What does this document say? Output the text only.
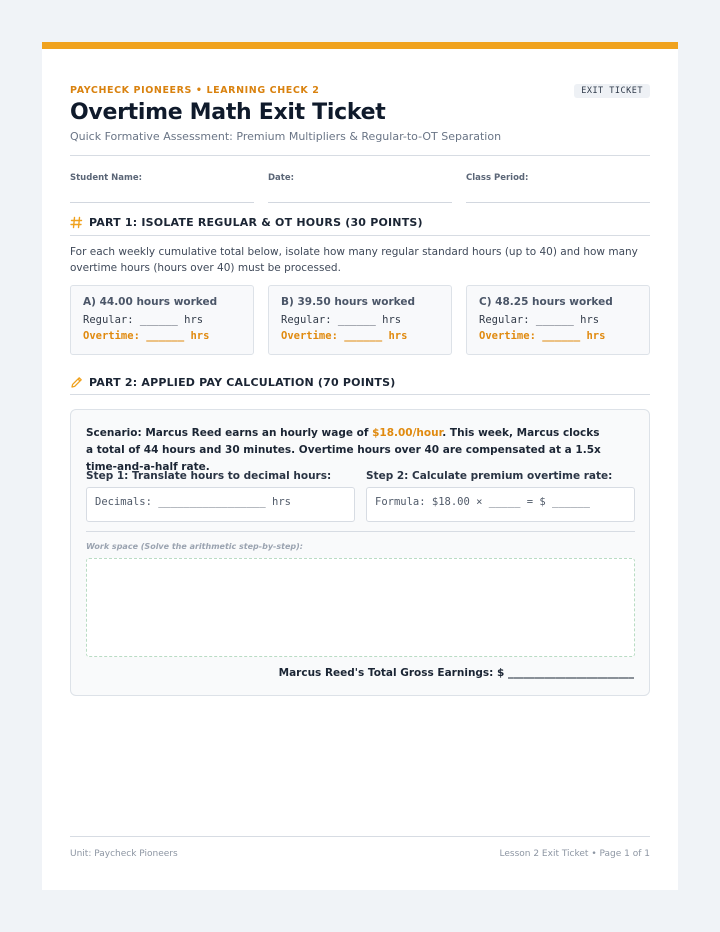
PAYCHECK PIONEERS • LEARNING CHECK 2	EXIT TICKET
Overtime Math Exit Ticket
Quick Formative Assessment: Premium Multipliers & Regular-to-OT Separation
Student Name:	Date:	Class Period:
PART 1: ISOLATE REGULAR & OT HOURS (30 POINTS)
For each weekly cumulative total below, isolate how many regular standard hours (up to 40) and how many overtime hours (hours over 40) must be processed.
A) 44.00 hours worked
Regular: ______ hrs
Overtime: ______ hrs
B) 39.50 hours worked
Regular: ______ hrs
Overtime: ______ hrs
C) 48.25 hours worked
Regular: ______ hrs
Overtime: ______ hrs
PART 2: APPLIED PAY CALCULATION (70 POINTS)
Scenario: Marcus Reed earns an hourly wage of $18.00/hour. This week, Marcus clocks a total of 44 hours and 30 minutes. Overtime hours over 40 are compensated at a 1.5x time-and-a-half rate.
Step 1: Translate hours to decimal hours:
Decimals: _________________ hrs
Step 2: Calculate premium overtime rate:
Formula: $18.00 × _____ = $ ______
Work space (Solve the arithmetic step-by-step):
Marcus Reed's Total Gross Earnings: $ ________________________
Unit: Paycheck Pioneers	Lesson 2 Exit Ticket • Page 1 of 1
